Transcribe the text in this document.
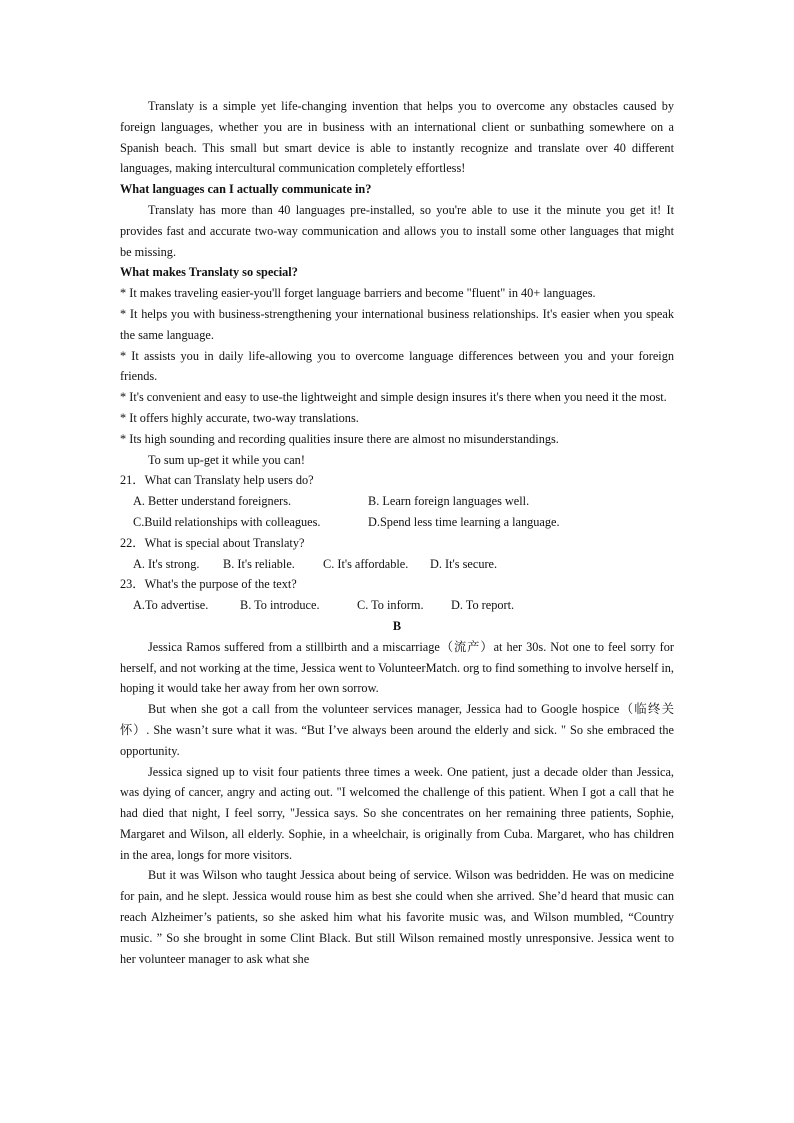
Translaty is a simple yet life-changing invention that helps you to overcome any obstacles caused by foreign languages, whether you are in business with an international client or sunbathing somewhere on a Spanish beach. This small but smart device is able to instantly recognize and translate over 40 different languages, making intercultural communication completely effortless!

What languages can I actually communicate in?

Translaty has more than 40 languages pre-installed, so you're able to use it the minute you get it! It provides fast and accurate two-way communication and allows you to install some other languages that might be missing.

What makes Translaty so special?

* It makes traveling easier-you'll forget language barriers and become "fluent" in 40+ languages.

* It helps you with business-strengthening your international business relationships. It's easier when you speak the same language.

* It assists you in daily life-allowing you to overcome language differences between you and your foreign friends.

* It's convenient and easy to use-the lightweight and simple design insures it's there when you need it the most.

* It offers highly accurate, two-way translations.

* Its high sounding and recording qualities insure there are almost no misunderstandings.

To sum up-get it while you can!

21．What can Translaty help users do?

A. Better understand foreigners.	B. Learn foreign languages well.
C.Build relationships with colleagues.	D.Spend less time learning a language.

22．What is special about Translaty?

A. It's strong.	B. It's reliable.	C. It's affordable.	D. It's secure.

23．What's the purpose of the text?

A.To advertise.	B. To introduce.	C. To inform.	D. To report.

B

Jessica Ramos suffered from a stillbirth and a miscarriage（流产）at her 30s. Not one to feel sorry for herself, and not working at the time, Jessica went to VolunteerMatch. org to find something to involve herself in, hoping it would take her away from her own sorrow.

But when she got a call from the volunteer services manager, Jessica had to Google hospice（临终关怀）. She wasn’t sure what it was. “But I’ve always been around the elderly and sick. " So she embraced the opportunity.

Jessica signed up to visit four patients three times a week. One patient, just a decade older than Jessica, was dying of cancer, angry and acting out. "I welcomed the challenge of this patient. When I got a call that he had died that night, I feel sorry, "Jessica says. So she concentrates on her remaining three patients, Sophie, Margaret and Wilson, all elderly. Sophie, in a wheelchair, is originally from Cuba. Margaret, who has children in the area, longs for more visitors.

But it was Wilson who taught Jessica about being of service. Wilson was bedridden. He was on medicine for pain, and he slept. Jessica would rouse him as best she could when she arrived. She’d heard that music can reach Alzheimer’s patients, so she asked him what his favorite music was, and Wilson mumbled, “Country music. ” So she brought in some Clint Black. But still Wilson remained mostly unresponsive. Jessica went to her volunteer manager to ask what she
